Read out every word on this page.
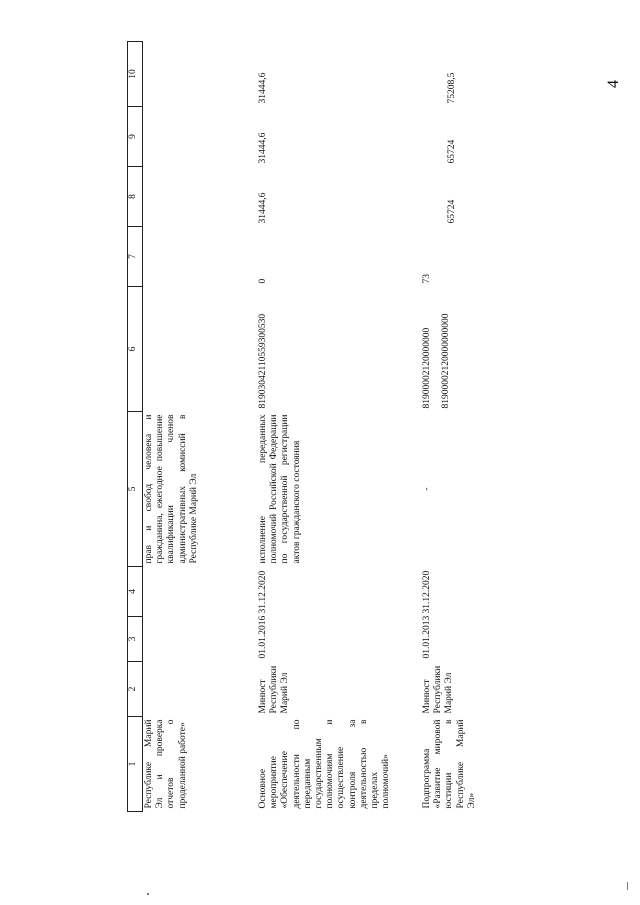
4
1	2	3	4	5	6	7	8	9	10
Республике Марий Эл и проверка отчетов о проделанной работе»				прав и свобод человека и гражданина, ежегодное повышение квалификации членов административных комиссий в Республике Марий Эл					
Основное мероприятие «Обеспечение деятельности по переданным государственным полномочиям и осуществление контроля за деятельностью в пределах полномочий»	Минюст Республики Марий Эл	01.01.2016	31.12.2020	исполнение переданных полномочий Российской Федерации по государственной регистрации актов гражданского состояния	81903042110559300530	0	31444,6	31444,6	31444,6
Подпрограмма «Развитие мировой юстиции в Республике Марий Эл»	Минюст Республики Марий Эл	01.01.2013	31.12.2020	-	81900002120000000 81900002120000000000	73	65724	65724	75208,5
